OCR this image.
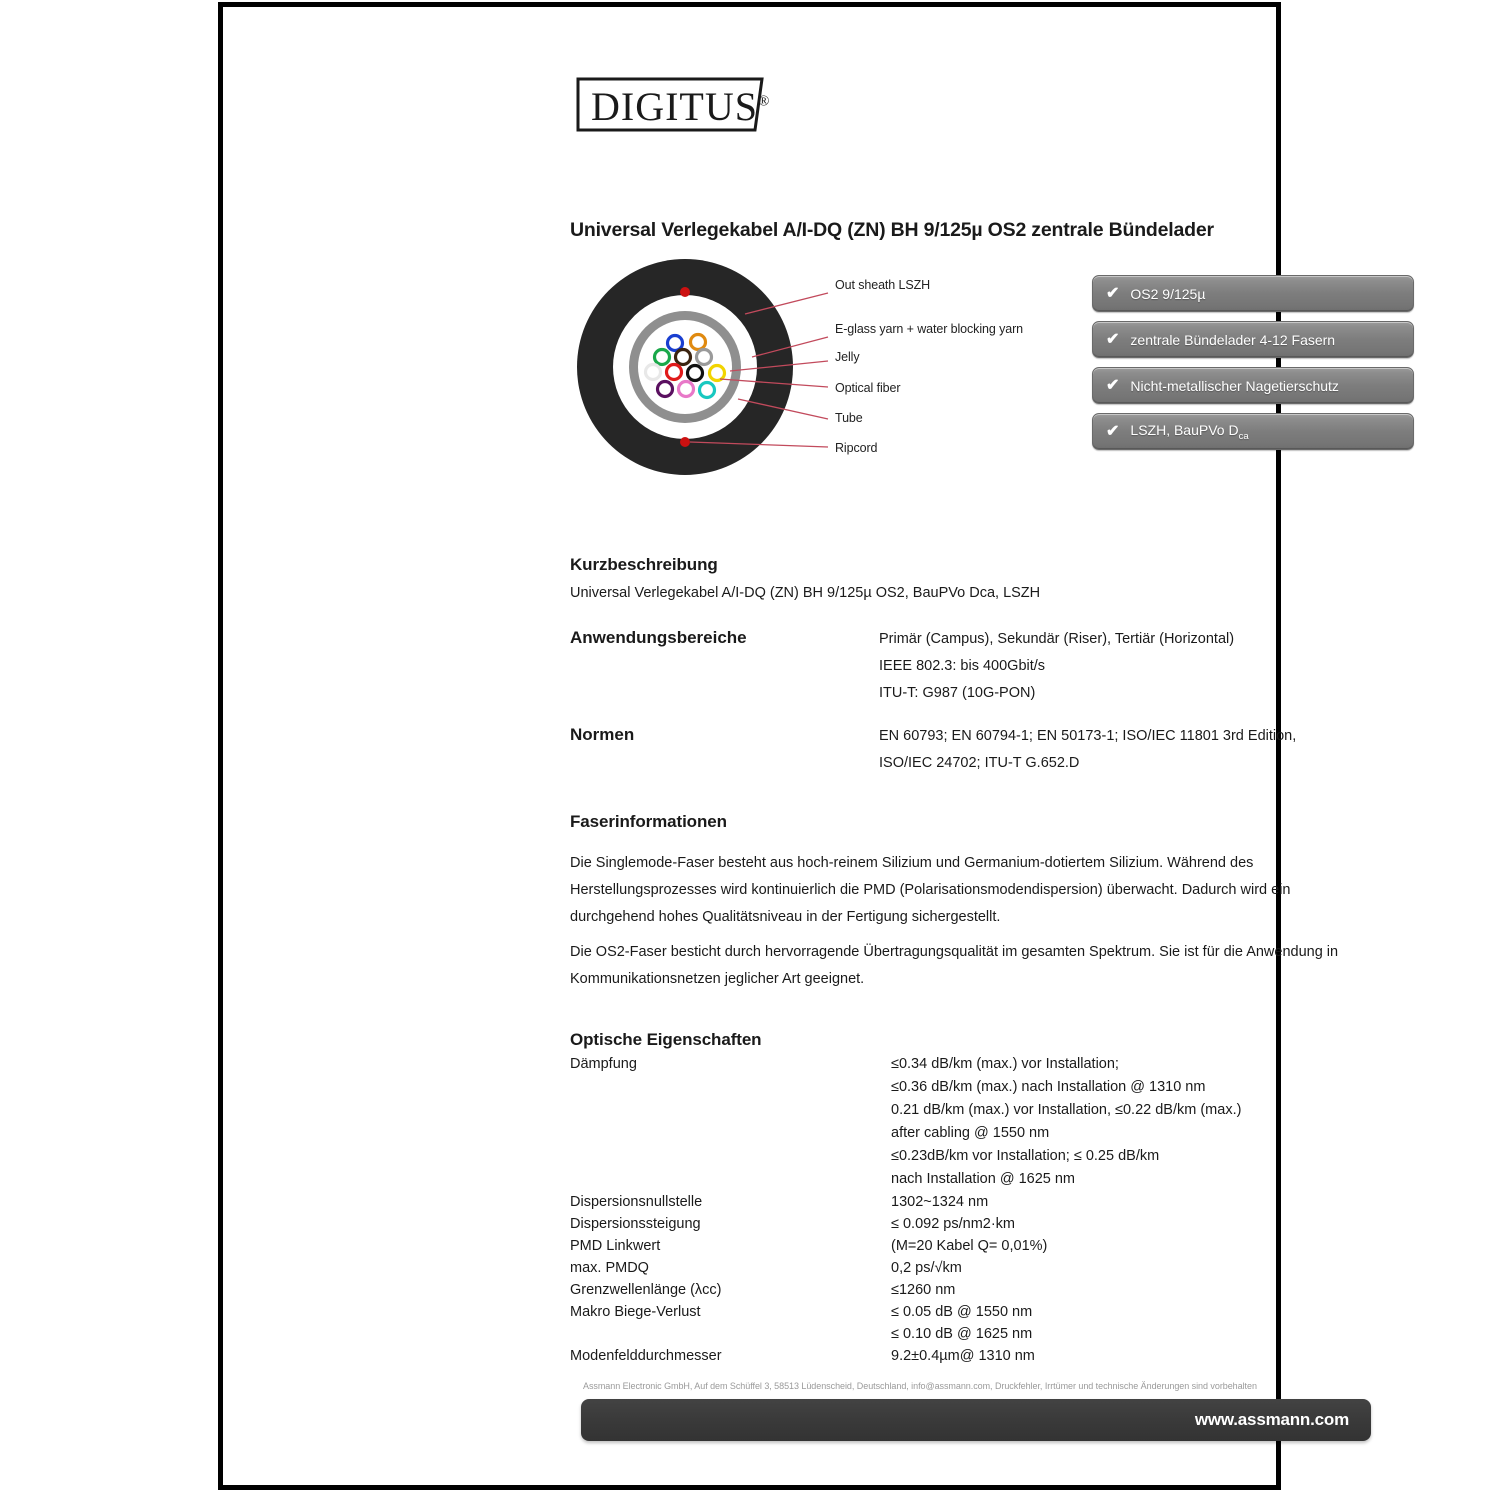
DIGITUS®
Universal Verlegekabel A/I-DQ (ZN) BH 9/125µ OS2 zentrale Bündelader
Out sheath LSZH
E-glass yarn + water blocking yarn
Jelly
Optical fiber
Tube
Ripcord
✔ OS2 9/125µ
✔ zentrale Bündelader 4-12 Fasern
✔ Nicht-metallischer Nagetierschutz
✔ LSZH, BauPVo $D_{ca}$
Kurzbeschreibung
Universal Verlegekabel A/I-DQ (ZN) BH 9/125µ OS2, BauPVo Dca, LSZH
Anwendungsbereiche	Primär (Campus), Sekundär (Riser), Tertiär (Horizontal)
IEEE 802.3: bis 400Gbit/s
ITU-T: G987 (10G-PON)
Normen	EN 60793; EN 60794-1; EN 50173-1; ISO/IEC 11801 3rd Edition,
ISO/IEC 24702; ITU-T G.652.D
Faserinformationen
Die Singlemode-Faser besteht aus hoch-reinem Silizium und Germanium-dotiertem Silizium. Während des Herstellungsprozesses wird kontinuierlich die PMD (Polarisationsmodendispersion) überwacht. Dadurch wird ein durchgehend hohes Qualitätsniveau in der Fertigung sichergestellt.
Die OS2-Faser besticht durch hervorragende Übertragungsqualität im gesamten Spektrum. Sie ist für die Anwendung in Kommunikationsnetzen jeglicher Art geeignet.
Optische Eigenschaften
Dämpfung	≤0.34 dB/km (max.) vor Installation;
≤0.36 dB/km (max.) nach Installation @ 1310 nm
0.21 dB/km (max.) vor Installation, ≤0.22 dB/km (max.)
after cabling @ 1550 nm
≤0.23dB/km vor Installation; ≤ 0.25 dB/km
nach Installation @ 1625 nm
Dispersionsnullstelle	1302~1324 nm
Dispersionssteigung	≤ 0.092 ps/nm2·km
PMD Linkwert	(M=20 Kabel Q= 0,01%)
max. PMDQ	0,2 ps/√km
Grenzwellenlänge (λcc)	≤1260 nm
Makro Biege-Verlust	≤ 0.05 dB @ 1550 nm
≤ 0.10 dB @ 1625 nm
Modenfelddurchmesser	9.2±0.4µm@ 1310 nm
Assmann Electronic GmbH, Auf dem Schüffel 3, 58513 Lüdenscheid, Deutschland, info@assmann.com, Druckfehler, Irrtümer und technische Änderungen sind vorbehalten
www.assmann.com
